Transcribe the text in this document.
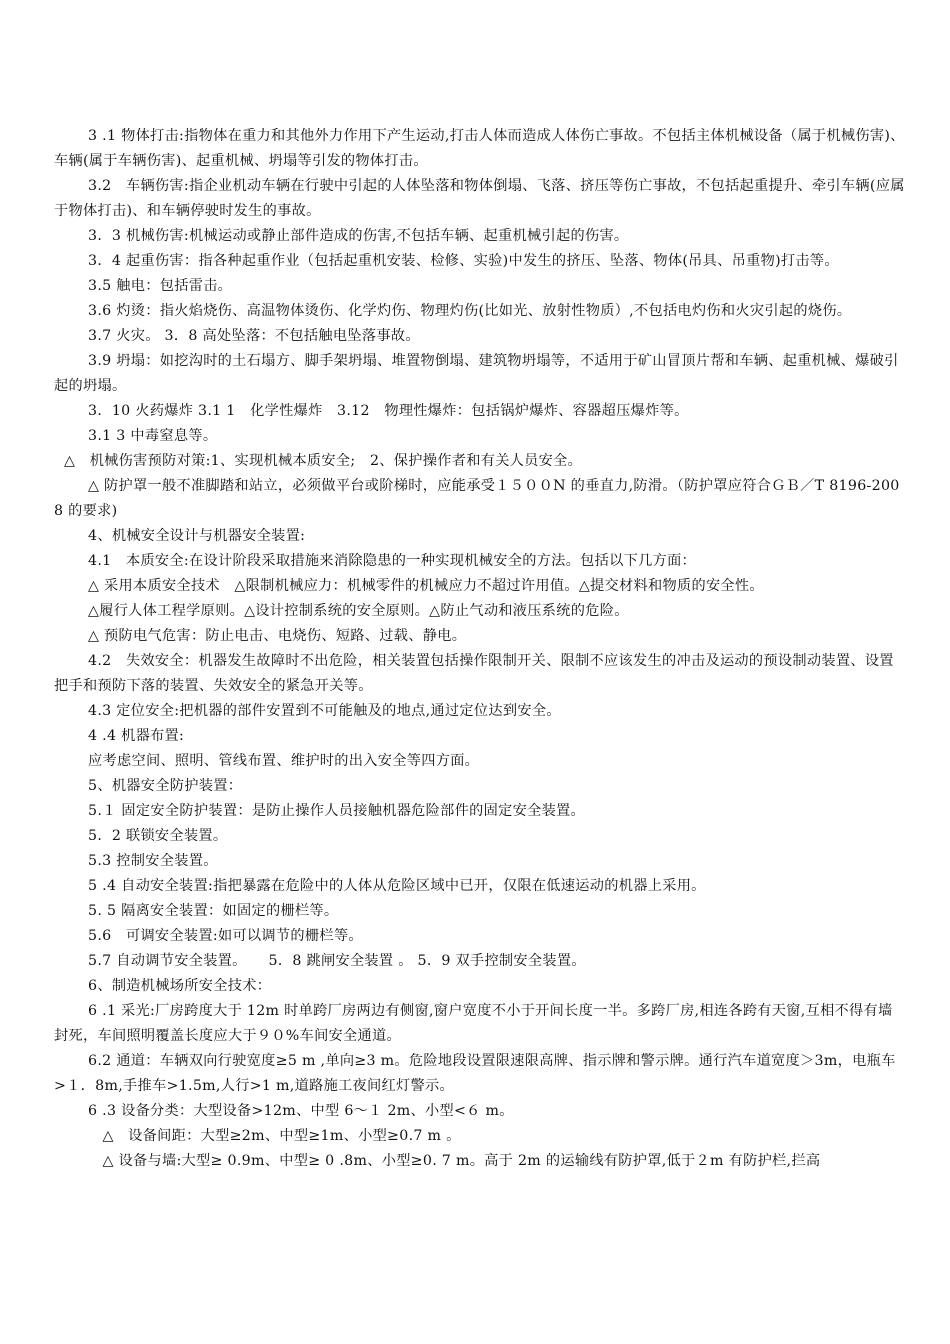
3 .1 物体打击:指物体在重力和其他外力作用下产生运动,打击人体而造成人体伤亡事故。不包括主体机械设备（属于机械伤害)、车辆(属于车辆伤害)、起重机械、坍塌等引发的物体打击。

3.2　车辆伤害:指企业机动车辆在行驶中引起的人体坠落和物体倒塌、飞落、挤压等伤亡事故，不包括起重提升、牵引车辆(应属于物体打击)、和车辆停驶时发生的事故。

3．3 机械伤害:机械运动或静止部件造成的伤害,不包括车辆、起重机械引起的伤害。

3．4 起重伤害：指各种起重作业（包括起重机安装、检修、实验)中发生的挤压、坠落、物体(吊具、吊重物)打击等。

3.5 触电：包括雷击。

3.6 灼烫：指火焰烧伤、高温物体烫伤、化学灼伤、物理灼伤(比如光、放射性物质）,不包括电灼伤和火灾引起的烧伤。

3.7 火灾。 3．8 高处坠落：不包括触电坠落事故。

3.9 坍塌：如挖沟时的土石塌方、脚手架坍塌、堆置物倒塌、建筑物坍塌等，不适用于矿山冒顶片帮和车辆、起重机械、爆破引起的坍塌。

3．10 火药爆炸 3.1 1　化学性爆炸　3.12　物理性爆炸：包括锅炉爆炸、容器超压爆炸等。

3.1 3 中毒窒息等。

△　机械伤害预防对策:1、实现机械本质安全;　2、保护操作者和有关人员安全。

△ 防护罩一般不准脚踏和站立，必须做平台或阶梯时，应能承受１５００N 的垂直力,防滑。（防护罩应符合ＧＢ／T 8196-200 8 的要求)

4、机械安全设计与机器安全装置:

4.1　本质安全:在设计阶段采取措施来消除隐患的一种实现机械安全的方法。包括以下几方面：

△ 采用本质安全技术　△限制机械应力：机械零件的机械应力不超过许用值。△提交材料和物质的安全性。

△履行人体工程学原则。△设计控制系统的安全原则。△防止气动和液压系统的危险。

△ 预防电气危害：防止电击、电烧伤、短路、过载、静电。

4.2　失效安全：机器发生故障时不出危险，相关装置包括操作限制开关、限制不应该发生的冲击及运动的预设制动装置、设置把手和预防下落的装置、失效安全的紧急开关等。

4.3 定位安全:把机器的部件安置到不可能触及的地点,通过定位达到安全。

4 .4 机器布置:

应考虑空间、照明、管线布置、维护时的出入安全等四方面。

5、机器安全防护装置：

5.１ 固定安全防护装置：是防止操作人员接触机器危险部件的固定安全装置。

5．2 联锁安全装置。

5.3 控制安全装置。

5 .4 自动安全装置:指把暴露在危险中的人体从危险区域中已开，仅限在低速运动的机器上采用。

5. 5 隔离安全装置：如固定的栅栏等。

5.6　可调安全装置:如可以调节的栅栏等。

5.7 自动调节安全装置。　　5．8 跳闸安全装置 。 5．9 双手控制安全装置。

6、制造机械场所安全技术：

6 .1 采光:厂房跨度大于 12m 时单跨厂房两边有侧窗,窗户宽度不小于开间长度一半。多跨厂房,相连各跨有天窗,互相不得有墙封死，车间照明覆盖长度应大于９０%车间安全通道。

6.2 通道：车辆双向行驶宽度≥5 m ,单向≥3 m。危险地段设置限速限高牌、指示牌和警示牌。通行汽车道宽度＞3m，电瓶车>１．8m,手推车>1.5m,人行>1 m,道路施工夜间红灯警示。

6 .3 设备分类：大型设备>12m、中型 6～１ 2m、小型<６ m。

　△　设备间距：大型≥2m、中型≥1m、小型≥0.7 m 。

　△ 设备与墙:大型≥ 0.9m、中型≥ 0 .8m、小型≥0. 7 m。高于 2m 的运输线有防护罩,低于２m 有防护栏,拦高
